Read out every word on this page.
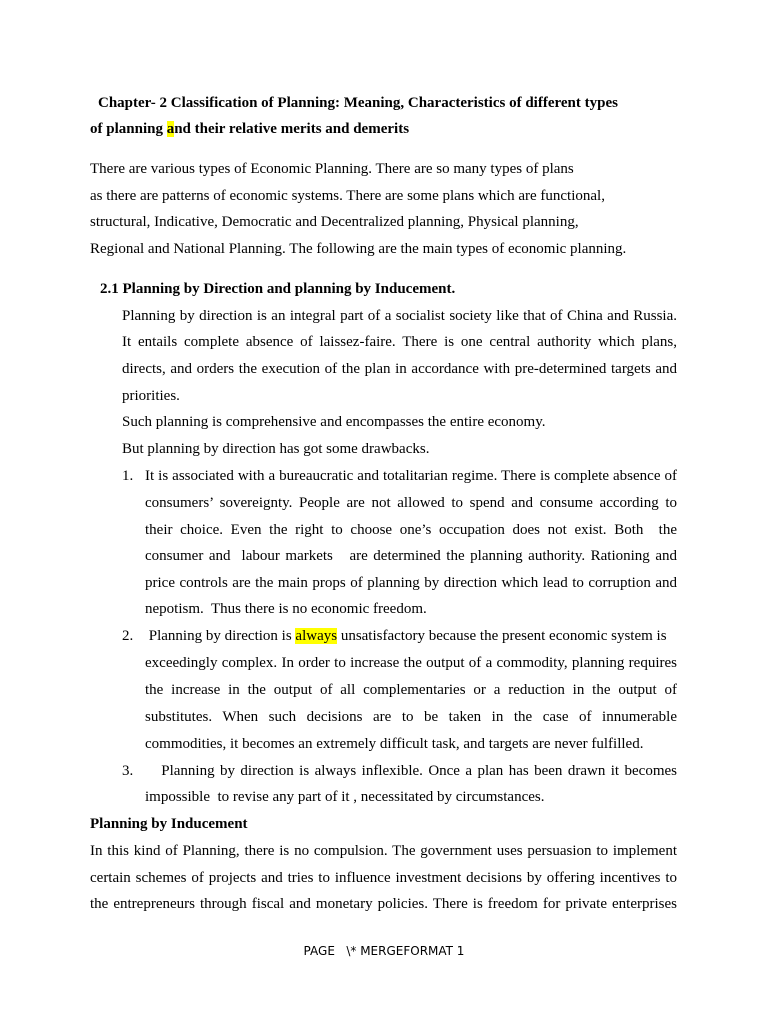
Chapter- 2 Classification of Planning: Meaning, Characteristics of different types
of planning and their relative merits and demerits
There are various types of Economic Planning. There are so many types of plans
as there are patterns of economic systems. There are some plans which are functional,
structural, Indicative, Democratic and Decentralized planning, Physical planning,
Regional and National Planning. The following are the main types of economic planning.
2.1 Planning by Direction and planning by Inducement.
Planning by direction is an integral part of a socialist society like that of China and Russia.
It entails complete absence of laissez-faire. There is one central authority which plans,
directs, and orders the execution of the plan in accordance with pre-determined targets and
priorities.
Such planning is comprehensive and encompasses the entire economy.
But planning by direction has got some drawbacks.
1. It is associated with a bureaucratic and totalitarian regime. There is complete absence of
consumers’ sovereignty. People are not allowed to spend and consume according to
their choice. Even the right to choose one’s occupation does not exist. Both  the
consumer and  labour markets   are determined the planning authority. Rationing and
price controls are the main props of planning by direction which lead to corruption and
nepotism.  Thus there is no economic freedom.
2. Planning by direction is always unsatisfactory because the present economic system is
exceedingly complex. In order to increase the output of a commodity, planning requires
the increase in the output of all complementaries or a reduction in the output of
substitutes. When such decisions are to be taken in the case of innumerable
commodities, it becomes an extremely difficult task, and targets are never fulfilled.
3. Planning by direction is always inflexible. Once a plan has been drawn it becomes
impossible  to revise any part of it , necessitated by circumstances.
Planning by Inducement
In this kind of Planning, there is no compulsion. The government uses persuasion to implement
certain schemes of projects and tries to influence investment decisions by offering incentives to
the entrepreneurs through fiscal and monetary policies. There is freedom for private enterprises
PAGE   \* MERGEFORMAT 1
